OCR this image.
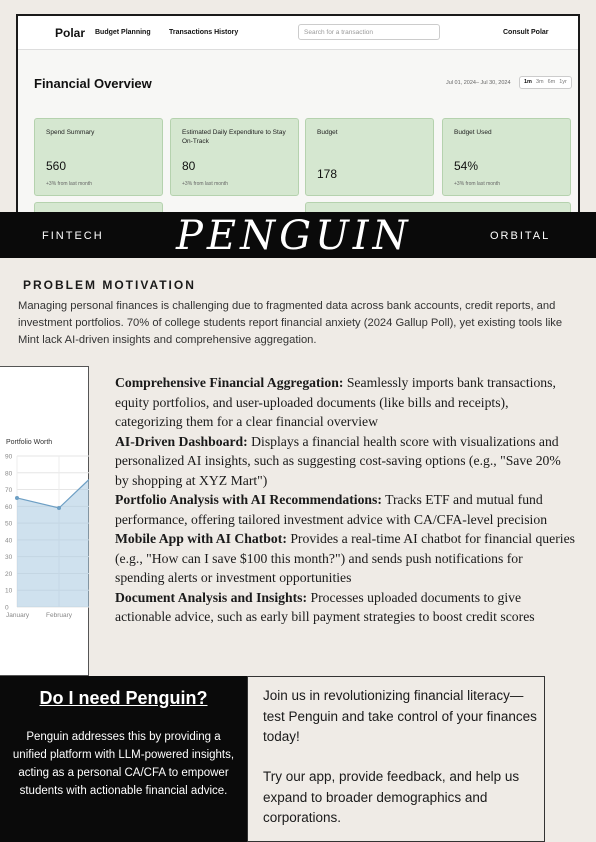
Polar Budget Planning	Transactions History	Search for a transaction	Consult Polar
Financial Overview	Jul 01, 2024– Jul 30, 2024 1m 3m 6m 1yr
Spend Summary
560
+3% from last month
Estimated Daily Expenditure to Stay On-Track
80
+3% from last month
Budget
178
Budget Used
54%
+3% from last month
FINTECH PENGUIN	ORBITAL
PROBLEM MOTIVATION
Managing personal finances is challenging due to fragmented data across bank accounts, credit reports, and investment portfolios. 70% of college students report financial anxiety (2024 Gallup Poll), yet existing tools like Mint lack AI-driven insights and comprehensive aggregation.
Portfolio Worth
0
10
20
30
40
50
60
70
80
90
January	February

Comprehensive Financial Aggregation: Seamlessly imports bank transactions, equity portfolios, and user-uploaded documents (like bills and receipts), categorizing them for a clear financial overview

AI-Driven Dashboard: Displays a financial health score with visualizations and personalized AI insights, such as suggesting cost-saving options (e.g., "Save 20% by shopping at XYZ Mart")

Portfolio Analysis with AI Recommendations: Tracks ETF and mutual fund performance, offering tailored investment advice with CA/CFA-level precision

Mobile App with AI Chatbot: Provides a real-time AI chatbot for financial queries (e.g., "How can I save $100 this month?") and sends push notifications for spending alerts or investment opportunities

Document Analysis and Insights: Processes uploaded documents to give actionable advice, such as early bill payment strategies to boost credit scores

Do I need Penguin?
Penguin addresses this by providing a unified platform with LLM-powered insights, acting as a personal CA/CFA to empower students with actionable financial advice.
Join us in revolutionizing financial literacy—test Penguin and take control of your finances today!
Try our app, provide feedback, and help us expand to broader demographics and corporations.
